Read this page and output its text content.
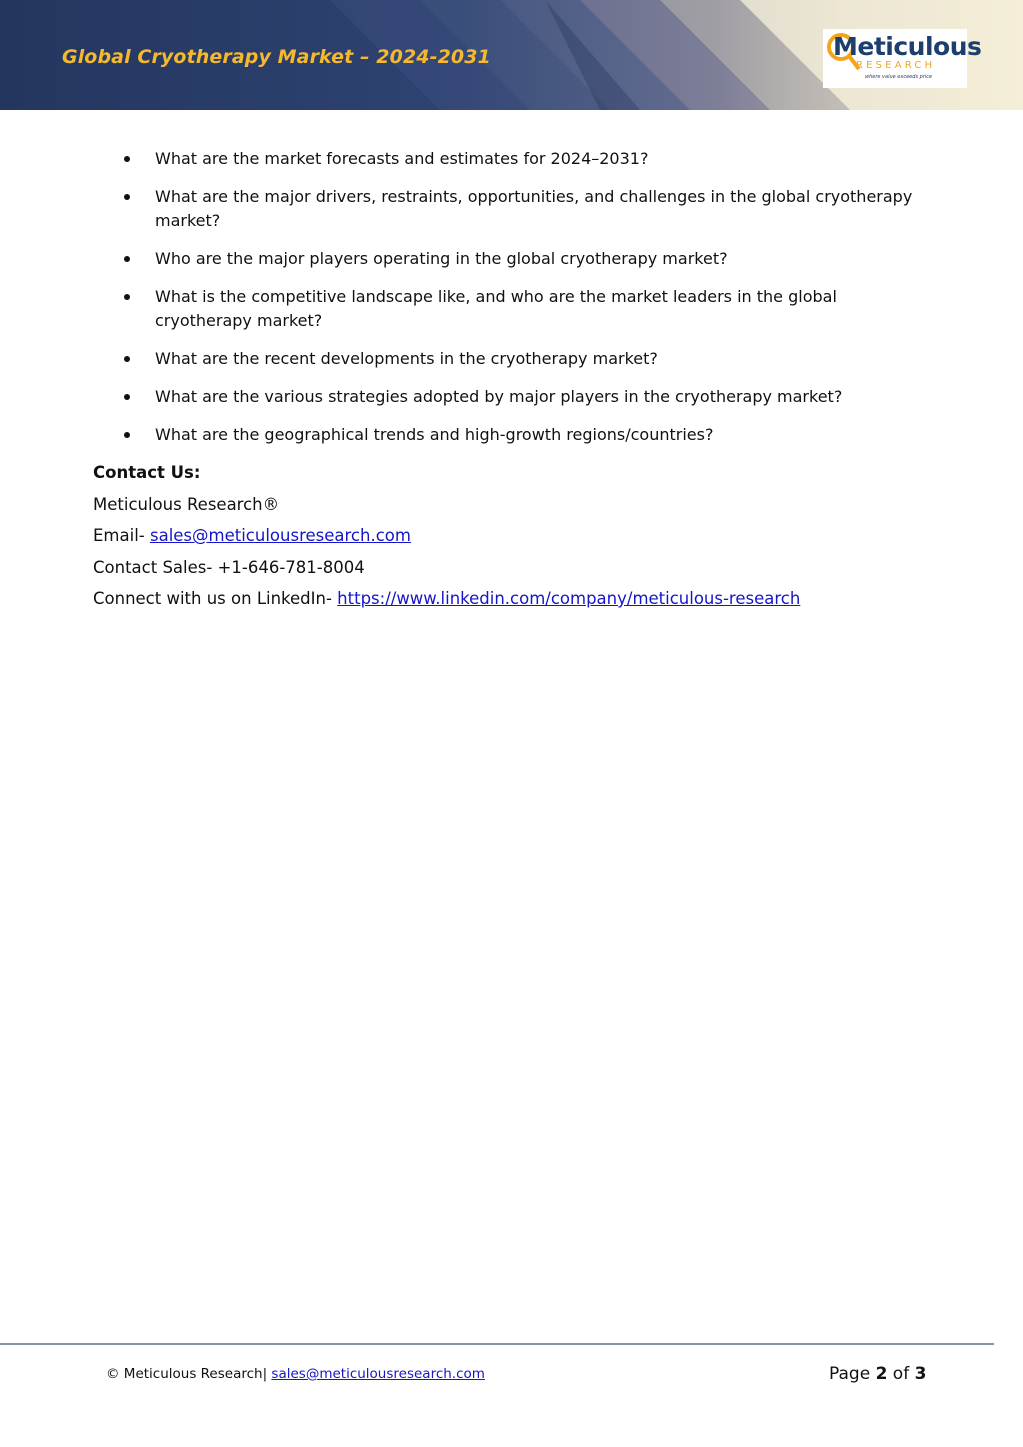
Global Cryotherapy Market – 2024-2031	Meticulous
RESEARCH
where value exceeds price
What are the market forecasts and estimates for 2024–2031?
What are the major drivers, restraints, opportunities, and challenges in the global cryotherapy market?
Who are the major players operating in the global cryotherapy market?
What is the competitive landscape like, and who are the market leaders in the global cryotherapy market?
What are the recent developments in the cryotherapy market?
What are the various strategies adopted by major players in the cryotherapy market?
What are the geographical trends and high-growth regions/countries?
Contact Us:
Meticulous Research®
Email- sales@meticulousresearch.com
Contact Sales- +1-646-781-8004
Connect with us on LinkedIn- https://www.linkedin.com/company/meticulous-research
© Meticulous Research| sales@meticulousresearch.com	Page 2 of 3
